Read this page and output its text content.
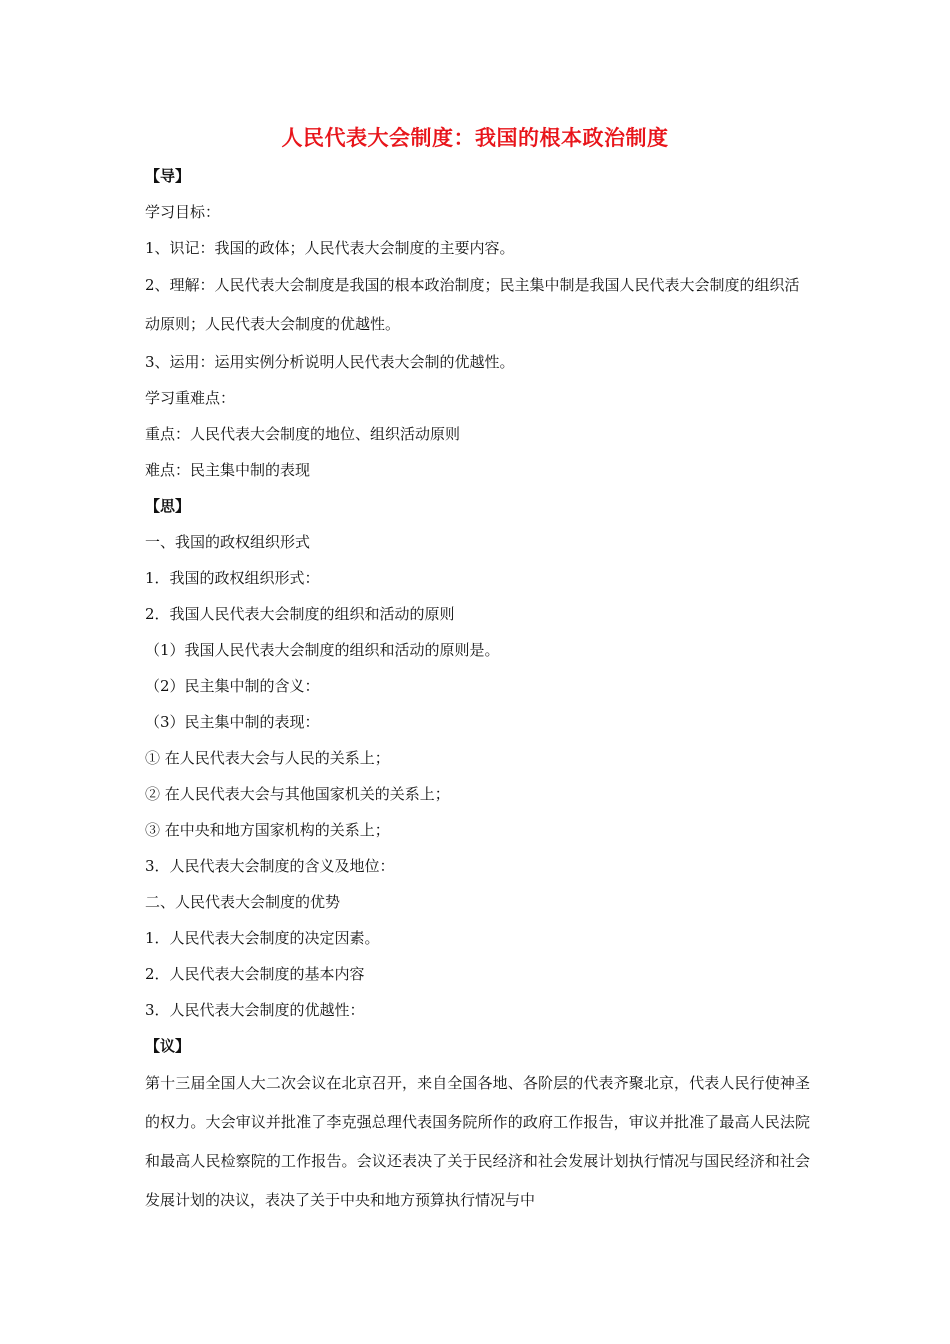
人民代表大会制度：我国的根本政治制度
【导】
学习目标：
1、识记：我国的政体；人民代表大会制度的主要内容。
2、理解：人民代表大会制度是我国的根本政治制度；民主集中制是我国人民代表大会制度的组织活动原则；人民代表大会制度的优越性。
3、运用：运用实例分析说明人民代表大会制的优越性。
学习重难点：
重点：人民代表大会制度的地位、组织活动原则
难点：民主集中制的表现
【思】
一、我国的政权组织形式
1．我国的政权组织形式：
2．我国人民代表大会制度的组织和活动的原则
（1）我国人民代表大会制度的组织和活动的原则是。
（2）民主集中制的含义：
（3）民主集中制的表现：
① 在人民代表大会与人民的关系上；
② 在人民代表大会与其他国家机关的关系上；
③ 在中央和地方国家机构的关系上；
3．人民代表大会制度的含义及地位：
二、人民代表大会制度的优势
1．人民代表大会制度的决定因素。
2．人民代表大会制度的基本内容
3．人民代表大会制度的优越性：
【议】
第十三届全国人大二次会议在北京召开，来自全国各地、各阶层的代表齐聚北京，代表人民行使神圣的权力。大会审议并批准了李克强总理代表国务院所作的政府工作报告，审议并批准了最高人民法院和最高人民检察院的工作报告。会议还表决了关于民经济和社会发展计划执行情况与国民经济和社会发展计划的决议，表决了关于中央和地方预算执行情况与中
